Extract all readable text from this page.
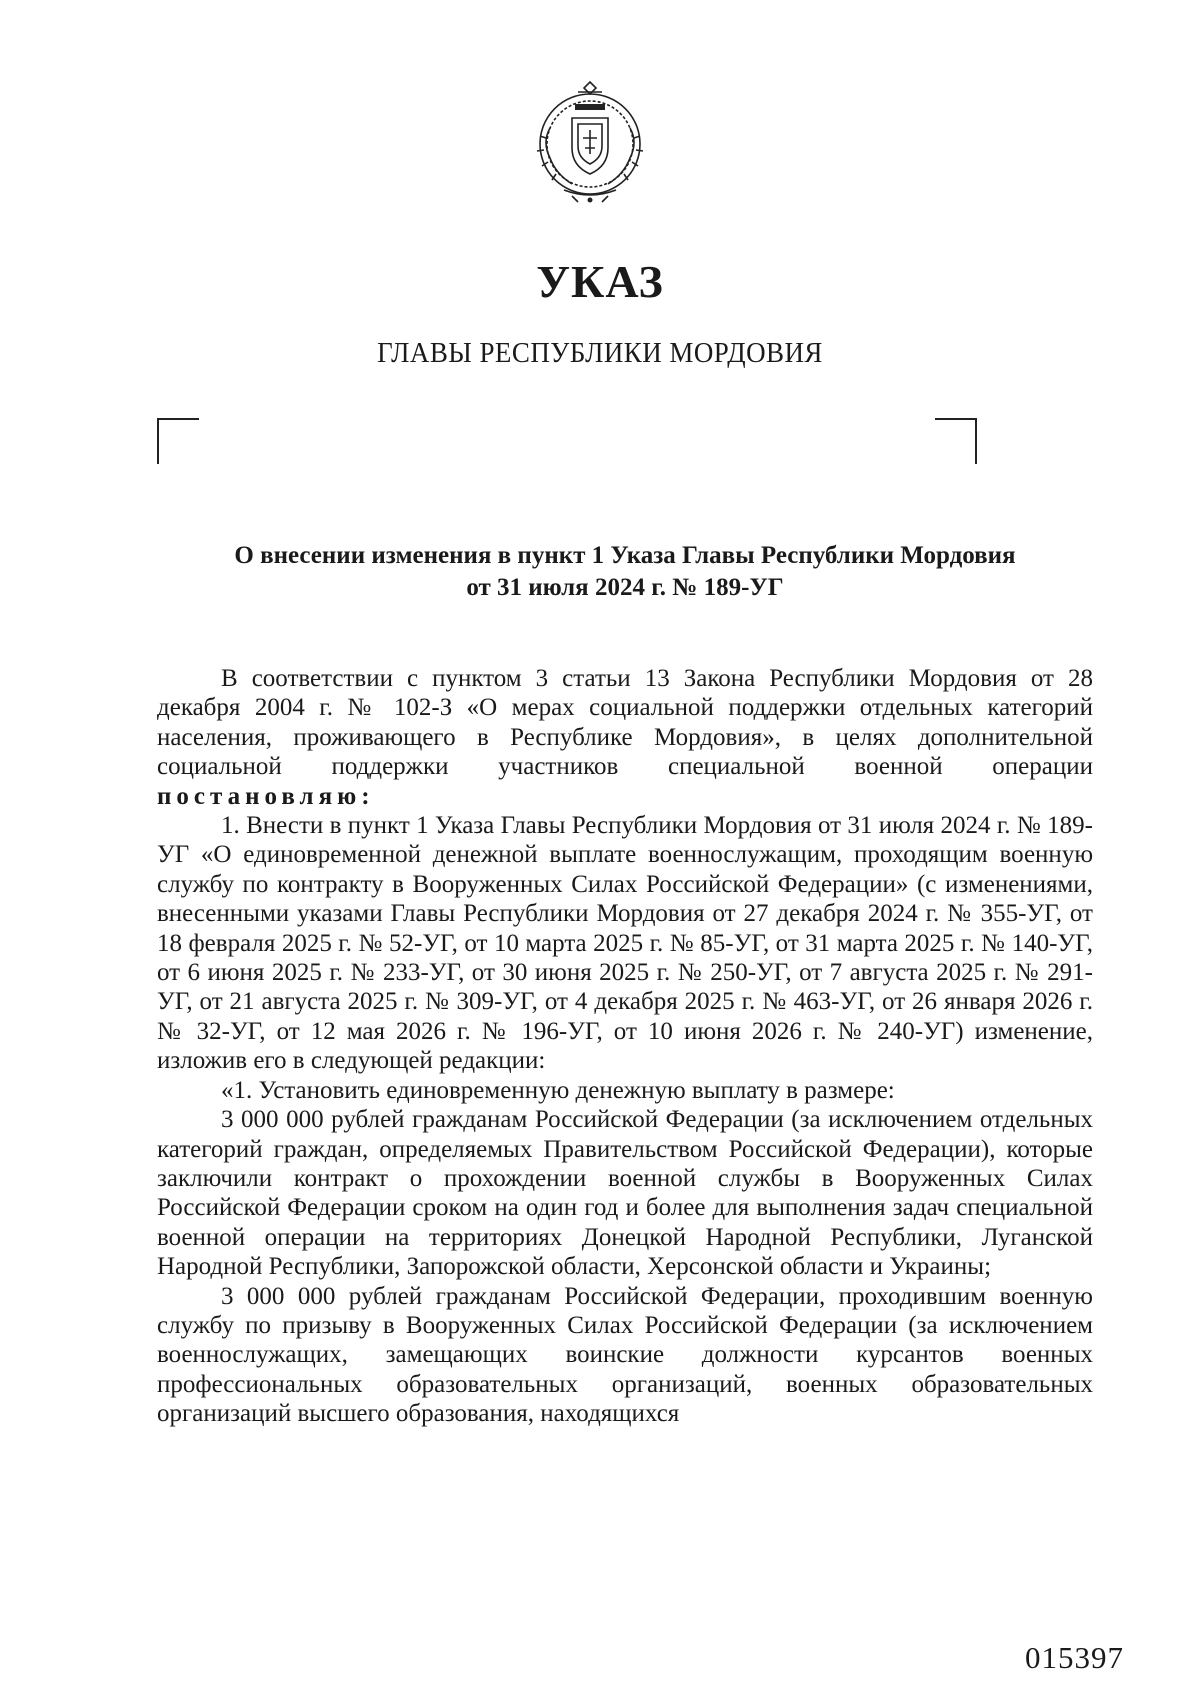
УКАЗ
ГЛАВЫ РЕСПУБЛИКИ МОРДОВИЯ
О внесении изменения в пункт 1 Указа Главы Республики Мордовия
от 31 июля 2024 г. № 189-УГ

В соответствии с пунктом 3 статьи 13 Закона Республики Мордовия от 28 декабря 2004 г. № 102-З «О мерах социальной поддержки отдельных категорий населения, проживающего в Республике Мордовия», в целях дополнительной социальной поддержки участников специальной военной операции постановляю:

1. Внести в пункт 1 Указа Главы Республики Мордовия от 31 июля 2024 г. № 189-УГ «О единовременной денежной выплате военнослужащим, проходящим военную службу по контракту в Вооруженных Силах Российской Федерации» (с изменениями, внесенными указами Главы Республики Мордовия от 27 декабря 2024 г. № 355-УГ, от 18 февраля 2025 г. № 52-УГ, от 10 марта 2025 г. № 85-УГ, от 31 марта 2025 г. № 140-УГ, от 6 июня 2025 г. № 233-УГ, от 30 июня 2025 г. № 250-УГ, от 7 августа 2025 г. № 291-УГ, от 21 августа 2025 г. № 309-УГ, от 4 декабря 2025 г. № 463-УГ, от 26 января 2026 г. № 32-УГ, от 12 мая 2026 г. № 196-УГ, от 10 июня 2026 г. № 240-УГ) изменение, изложив его в следующей редакции:

«1. Установить единовременную денежную выплату в размере:

3 000 000 рублей гражданам Российской Федерации (за исключением отдельных категорий граждан, определяемых Правительством Российской Федерации), которые заключили контракт о прохождении военной службы в Вооруженных Силах Российской Федерации сроком на один год и более для выполнения задач специальной военной операции на территориях Донецкой Народной Республики, Луганской Народной Республики, Запорожской области, Херсонской области и Украины;

3 000 000 рублей гражданам Российской Федерации, проходившим военную службу по призыву в Вооруженных Силах Российской Федерации (за исключением военнослужащих, замещающих воинские должности курсантов военных профессиональных образовательных организаций, военных образовательных организаций высшего образования, находящихся

015397
